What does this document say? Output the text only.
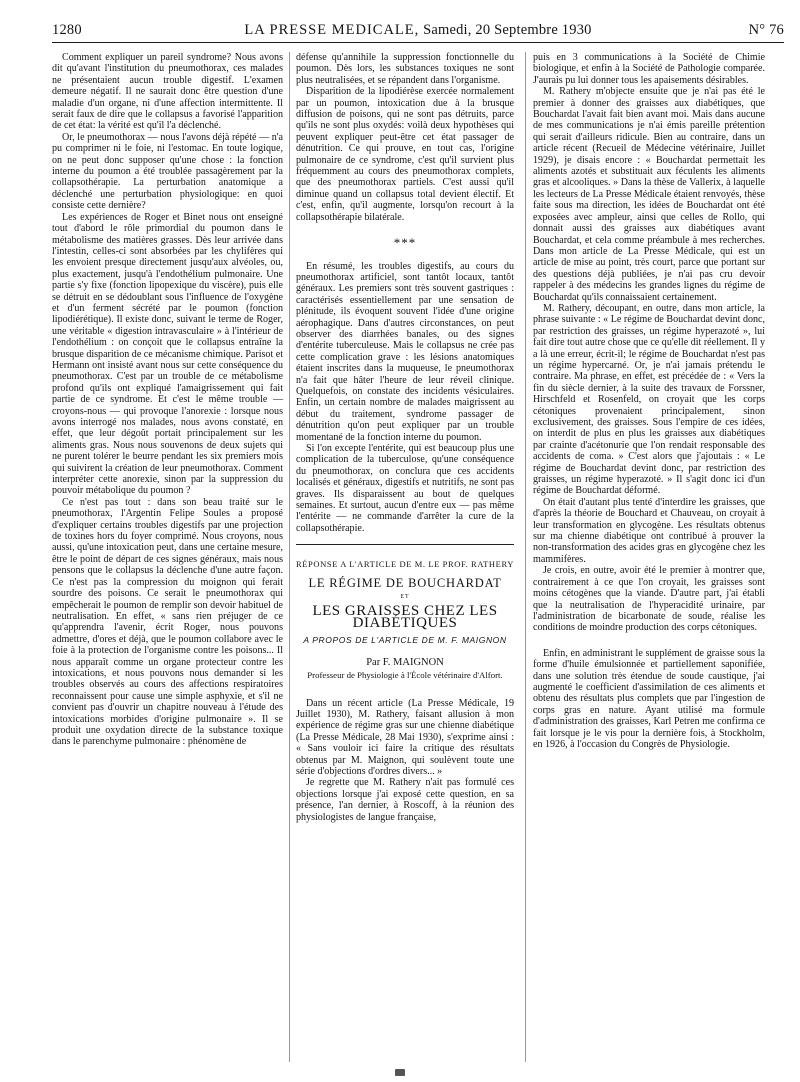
1280	LA PRESSE MEDICALE, Samedi, 20 Septembre 1930	N° 76

Comment expliquer un pareil syndrome? Nous avons dit qu'avant l'institution du pneumothorax, ces malades ne présentaient aucun trouble digestif. L'examen demeure négatif. Il ne saurait donc être question d'une maladie d'un organe, ni d'une affection intermittente. Il serait faux de dire que le collapsus a favorisé l'apparition de cet état: la vérité est qu'il l'a déclenché.

Or, le pneumothorax — nous l'avons déjà répété — n'a pu comprimer ni le foie, ni l'estomac. En toute logique, on ne peut donc supposer qu'une chose : la fonction interne du poumon a été troublée passagèrement par la collapsothérapie. La perturbation anatomique a déclenché une perturbation physiologique: en quoi consiste cette dernière?

Les expériences de Roger et Binet nous ont enseigné tout d'abord le rôle primordial du poumon dans le métabolisme des matières grasses. Dès leur arrivée dans l'intestin, celles-ci sont absorbées par les chylifères qui les envoient presque directement jusqu'aux alvéoles, ou, plus exactement, jusqu'à l'endothélium pulmonaire. Une partie s'y fixe (fonction lipopexique du viscère), puis elle se détruit en se dédoublant sous l'influence de l'oxygène et d'un ferment sécrété par le poumon (fonction lipodiérétique). Il existe donc, suivant le terme de Roger, une véritable « digestion intravasculaire » à l'intérieur de l'endothélium : on conçoit que le collapsus entraîne la brusque disparition de ce mécanisme chimique. Parisot et Hermann ont insisté avant nous sur cette conséquence du pneumothorax. C'est par un trouble de ce métabolisme profond qu'ils ont expliqué l'amaigrissement qui fait partie de ce syndrome. Et c'est le même trouble — croyons-nous — qui provoque l'anorexie : lorsque nous avons interrogé nos malades, nous avons constaté, en effet, que leur dégoût portait principalement sur les aliments gras. Nous nous souvenons de deux sujets qui ne purent tolérer le beurre pendant les six premiers mois qui suivirent la création de leur pneumothorax. Comment interpréter cette anorexie, sinon par la suppression du pouvoir métabolique du poumon ?

Ce n'est pas tout : dans son beau traité sur le pneumothorax, l'Argentin Felipe Soules a proposé d'expliquer certains troubles digestifs par une projection de toxines hors du foyer comprimé. Nous croyons, nous aussi, qu'une intoxication peut, dans une certaine mesure, être le point de départ de ces signes généraux, mais nous pensons que le collapsus la déclenche d'une autre façon. Ce n'est pas la compression du moignon qui ferait sourdre des poisons. Ce serait le pneumothorax qui empêcherait le poumon de remplir son devoir habituel de neutralisation. En effet, « sans rien préjuger de ce qu'apprendra l'avenir, écrit Roger, nous pouvons admettre, d'ores et déjà, que le poumon collabore avec le foie à la protection de l'organisme contre les poisons... Il nous apparaît comme un organe protecteur contre les intoxications, et nous pouvons nous demander si les troubles observés au cours des affections respiratoires reconnaissent pour cause une simple asphyxie, et s'il ne convient pas d'ouvrir un chapitre nouveau à l'étude des intoxications morbides d'origine pulmonaire ». Il se produit une oxydation directe de la substance toxique dans le parenchyme pulmonaire : phénomène de

défense qu'annihile la suppression fonctionnelle du poumon. Dès lors, les substances toxiques ne sont plus neutralisées, et se répandent dans l'organisme.

Disparition de la lipodiérèse exercée normalement par un poumon, intoxication due à la brusque diffusion de poisons, qui ne sont pas détruits, parce qu'ils ne sont plus oxydés: voilà deux hypothèses qui peuvent expliquer peut-être cet état passager de dénutrition. Ce qui prouve, en tout cas, l'origine pulmonaire de ce syndrome, c'est qu'il survient plus fréquemment au cours des pneumothorax complets, que des pneumothorax partiels. C'est aussi qu'il diminue quand un collapsus total devient électif. Et c'est, enfin, qu'il augmente, lorsqu'on recourt à la collapsothérapie bilatérale.

***

En résumé, les troubles digestifs, au cours du pneumothorax artificiel, sont tantôt locaux, tantôt généraux. Les premiers sont très souvent gastriques : caractérisés essentiellement par une sensation de plénitude, ils évoquent souvent l'idée d'une origine aérophagique. Dans d'autres circonstances, on peut observer des diarrhées banales, ou des signes d'entérite tuberculeuse. Mais le collapsus ne crée pas cette complication grave : les lésions anatomiques étaient inscrites dans la muqueuse, le pneumothorax n'a fait que hâter l'heure de leur réveil clinique. Quelquefois, on constate des incidents vésiculaires. Enfin, un certain nombre de malades maigrissent au début du traitement, syndrome passager de dénutrition qu'on peut expliquer par un trouble momentané de la fonction interne du poumon.

Si l'on excepte l'entérite, qui est beaucoup plus une complication de la tuberculose, qu'une conséquence du pneumothorax, on conclura que ces accidents localisés et généraux, digestifs et nutritifs, ne sont pas graves. Ils disparaissent au bout de quelques semaines. Et surtout, aucun d'entre eux — pas même l'entérite — ne commande d'arrêter la cure de la collapsothérapie.

RÉPONSE A L'ARTICLE DE M. LE PROF. RATHERY

LE RÉGIME DE BOUCHARDAT

ET

LES GRAISSES CHEZ LES DIABÉTIQUES

A PROPOS DE L'ARTICLE DE M. F. MAIGNON

Par F. MAIGNON

Professeur de Physiologie à l'École vétérinaire d'Alfort.

Dans un récent article (La Presse Médicale, 19 Juillet 1930), M. Rathery, faisant allusion à mon expérience de régime gras sur une chienne diabétique (La Presse Médicale, 28 Mai 1930), s'exprime ainsi : « Sans vouloir ici faire la critique des résultats obtenus par M. Maignon, qui soulèvent toute une série d'objections d'ordres divers... »

Je regrette que M. Rathery n'ait pas formulé ces objections lorsque j'ai exposé cette question, en sa présence, l'an dernier, à Roscoff, à la réunion des physiologistes de langue française,

puis en 3 communications à la Société de Chimie biologique, et enfin à la Société de Pathologie comparée. J'aurais pu lui donner tous les apaisements désirables.

M. Rathery m'objecte ensuite que je n'ai pas été le premier à donner des graisses aux diabétiques, que Bouchardat l'avait fait bien avant moi. Mais dans aucune de mes communications je n'ai émis pareille prétention qui serait d'ailleurs ridicule. Bien au contraire, dans un article récent (Recueil de Médecine vétérinaire, Juillet 1929), je disais encore : « Bouchardat permettait les aliments azotés et substituait aux féculents les aliments gras et alcooliques. » Dans la thèse de Vallerix, à laquelle les lecteurs de La Presse Médicale étaient renvoyés, thèse faite sous ma direction, les idées de Bouchardat ont été exposées avec ampleur, ainsi que celles de Rollo, qui donnait aussi des graisses aux diabétiques avant Bouchardat, et cela comme préambule à mes recherches. Dans mon article de La Presse Médicale, qui est un article de mise au point, très court, parce que portant sur des questions déjà publiées, je n'ai pas cru devoir rappeler à des médecins les grandes lignes du régime de Bouchardat qu'ils connaissaient certainement.

M. Rathery, découpant, en outre, dans mon article, la phrase suivante : « Le régime de Bouchardat devint donc, par restriction des graisses, un régime hyperazoté », lui fait dire tout autre chose que ce qu'elle dit réellement. Il y a là une erreur, écrit-il; le régime de Bouchardat n'est pas un régime hypercarné. Or, je n'ai jamais prétendu le contraire. Ma phrase, en effet, est précédée de : « Vers la fin du siècle dernier, à la suite des travaux de Forssner, Hirschfeld et Rosenfeld, on croyait que les corps cétoniques provenaient principalement, sinon exclusivement, des graisses. Sous l'empire de ces idées, on interdit de plus en plus les graisses aux diabétiques par crainte d'acétonurie que l'on rendait responsable des accidents de coma. » C'est alors que j'ajoutais : « Le régime de Bouchardat devint donc, par restriction des graisses, un régime hyperazoté. » Il s'agit donc ici d'un régime de Bouchardat déformé.

On était d'autant plus tenté d'interdire les graisses, que d'après la théorie de Bouchard et Chauveau, on croyait à leur transformation en glycogène. Les résultats obtenus sur ma chienne diabétique ont contribué à prouver la non-transformation des acides gras en glycogène chez les mammifères.

Je crois, en outre, avoir été le premier à montrer que, contrairement à ce que l'on croyait, les graisses sont moins cétogènes que la viande. D'autre part, j'ai établi que la neutralisation de l'hyperacidité urinaire, par l'administration de bicarbonate de soude, réalise les conditions de moindre production des corps cétoniques.

Enfin, en administrant le supplément de graisse sous la forme d'huile émulsionnée et partiellement saponifiée, dans une solution très étendue de soude caustique, j'ai augmenté le coefficient d'assimilation de ces aliments et obtenu des résultats plus complets que par l'ingestion de corps gras en nature. Ayant utilisé ma formule d'administration des graisses, Karl Petren me confirma ce fait lorsque je le vis pour la dernière fois, à Stockholm, en 1926, à l'occasion du Congrès de Physiologie.
